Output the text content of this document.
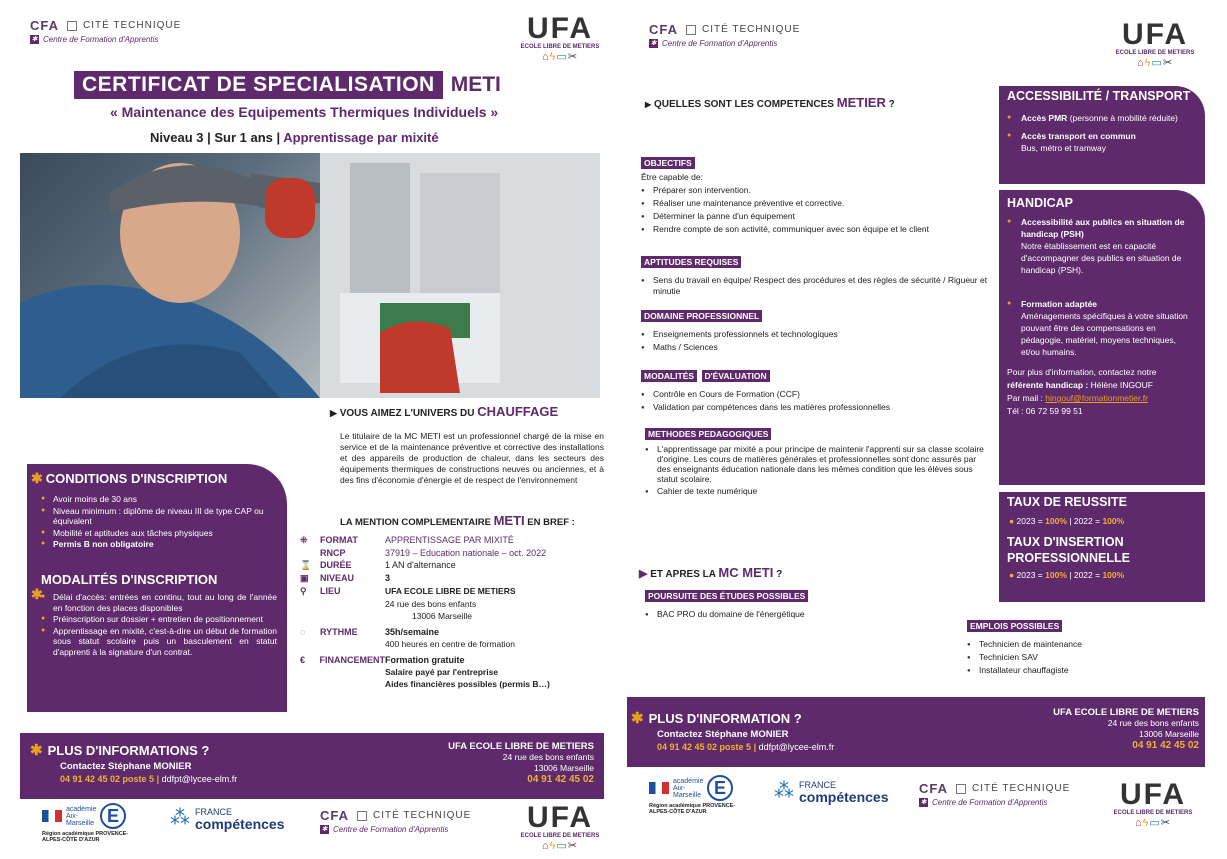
CFA CITÉ TECHNIQUE
✱ Centre de Formation d'Apprentis	UFA
ECOLE LIBRE DE METIERS
⌂ϟ▭✂
CERTIFICAT DE SPECIALISATION METI
« Maintenance des Equipements Thermiques Individuels »
Niveau 3 | Sur 1 ans | Apprentissage par mixité
✱ CONDITIONS D'INSCRIPTION
● Avoir moins de 30 ans
● Niveau minimum : diplôme de niveau III de type CAP ou équivalent
● Mobilité et aptitudes aux tâches physiques
● Permis B non obligatoire
MODALITÉS D'INSCRIPTION
✱
●	Délai d'accès: entrées en continu, tout au long de l'année en fonction des places disponibles
● Préinscription sur dossier + entretien de positionnement
● Apprentissage en mixité, c'est-à-dire un début de formation sous statut scolaire puis un basculement en statut d'apprenti à la signature d'un contrat.
▶ VOUS AIMEZ L'UNIVERS DU CHAUFFAGE
Le titulaire de la MC METI est un professionnel chargé de la mise en service et de la maintenance préventive et corrective des installations et des appareils de production de chaleur, dans les secteurs des équipements thermiques de constructions neuves ou anciennes, et à des fins d'économie d'énergie et de respect de l'environnement
LA MENTION COMPLEMENTAIRE METI EN BREF :
⁜	FORMAT	APPRENTISSAGE PAR MIXITÉ
RNCP	37919 – Education nationale – oct. 2022
⌛ DURÉE	1 AN d'alternance
▣	NIVEAU	3
⚲	LIEU	UFA ECOLE LIBRE DE METIERS
24 rue des bons enfants
13006 Marseille
◌	RYTHME	35h/semaine
400 heures en centre de formation
€	FINANCEMENT Formation gratuite
Salaire payé par l'entreprise
Aides financières possibles (permis B…)
✱ PLUS D'INFORMATIONS ?
Contactez Stéphane MONIER
04 91 42 45 02 poste 5 | ddfpt@lycee-elm.fr
UFA ECOLE LIBRE DE METIERS
24 rue des bons enfants
13006 Marseille
04 91 42 45 02
académie Aix-Marseille E
Région académique PROVENCE-ALPES-CÔTE D'AZUR
⁂ FRANCE
compétences	CFA CITÉ TECHNIQUE
✱ Centre de Formation d'Apprentis	UFA
ECOLE LIBRE DE METIERS
⌂ϟ▭✂
CFA CITÉ TECHNIQUE
✱ Centre de Formation d'Apprentis	UFA
ECOLE LIBRE DE METIERS
⌂ϟ▭✂
▶ QUELLES SONT LES COMPETENCES METIER ?
OBJECTIFS
Être capable de:
● Préparer son intervention.
● Réaliser une maintenance préventive et corrective.
● Déterminer la panne d'un équipement
● Rendre compte de son activité, communiquer avec son équipe et le client
APTITUDES REQUISES
● Sens du travail en équipe/ Respect des procédures et des règles de sécurité / Rigueur et minutie
DOMAINE PROFESSIONNEL
● Enseignements professionnels et technologiques
● Maths / Sciences
MODALITÉS D'ÉVALUATION
● Contrôle en Cours de Formation (CCF)
● Validation par compétences dans les matières professionnelles
METHODES PEDAGOGIQUES
● L'apprentissage par mixité a pour principe de maintenir l'apprenti sur sa classe scolaire d'origine. Les cours de matières générales et professionnelles sont donc assurés par des enseignants éducation nationale dans les mêmes condition que les élèves sous statut scolaire.
● Cahier de texte numérique
▶ ET APRES LA MC METI ?
POURSUITE DES ÉTUDES POSSIBLES
● BAC PRO du domaine de l'énergétique
EMPLOIS POSSIBLES
● Technicien de maintenance
● Technicien SAV
● Installateur chauffagiste
ACCESSIBILITÉ / TRANSPORT
● Accès PMR (personne à mobilité réduite)
● Accès transport en commun
Bus, métro et tramway
HANDICAP
● Accessibilité aux publics en situation de handicap (PSH)
Notre établissement est en capacité d'accompagner des publics en situation de handicap (PSH).
● Formation adaptée
Aménagements spécifiques à votre situation pouvant être des compensations en pédagogie, matériel, moyens techniques, et/ou humains.
Pour plus d'information, contactez notre
référente handicap : Hélène INGOUF
Par mail : hingouf@formationmetier.fr
Tél : 06 72 59 99 51
TAUX DE REUSSITE
● 2023 = 100% | 2022 = 100%
TAUX D'INSERTION PROFESSIONNELLE
● 2023 = 100% | 2022 = 100%
✱ PLUS D'INFORMATION ?
Contactez Stéphane MONIER
04 91 42 45 02 poste 5 | ddfpt@lycee-elm.fr
UFA ECOLE LIBRE DE METIERS
24 rue des bons enfants
13006 Marseille
04 91 42 45 02
académie Aix-Marseille E
Région académique PROVENCE-ALPES-CÔTE D'AZUR
⁂ FRANCE
compétences CFA CITÉ TECHNIQUE
✱ Centre de Formation d'Apprentis UFA
ECOLE LIBRE DE METIERS
⌂ϟ▭✂
